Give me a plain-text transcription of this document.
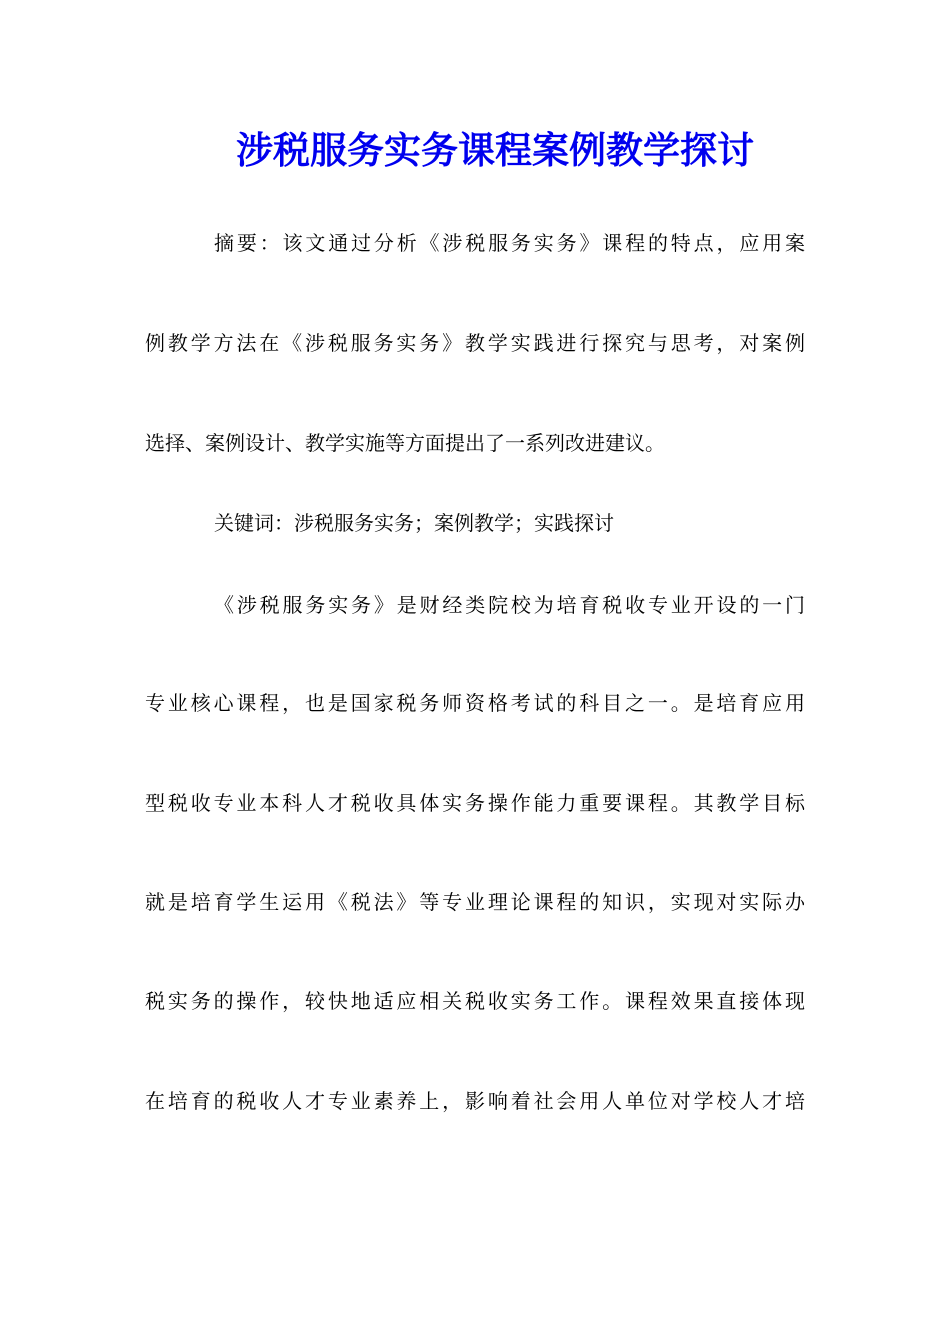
涉税服务实务课程案例教学探讨
摘要：该文通过分析《涉税服务实务》课程的特点，应用案
例教学方法在《涉税服务实务》教学实践进行探究与思考，对案例
选择、案例设计、教学实施等方面提出了一系列改进建议。
关键词：涉税服务实务；案例教学；实践探讨
《涉税服务实务》是财经类院校为培育税收专业开设的一门
专业核心课程，也是国家税务师资格考试的科目之一。是培育应用
型税收专业本科人才税收具体实务操作能力重要课程。其教学目标
就是培育学生运用《税法》等专业理论课程的知识，实现对实际办
税实务的操作，较快地适应相关税收实务工作。课程效果直接体现
在培育的税收人才专业素养上，影响着社会用人单位对学校人才培
